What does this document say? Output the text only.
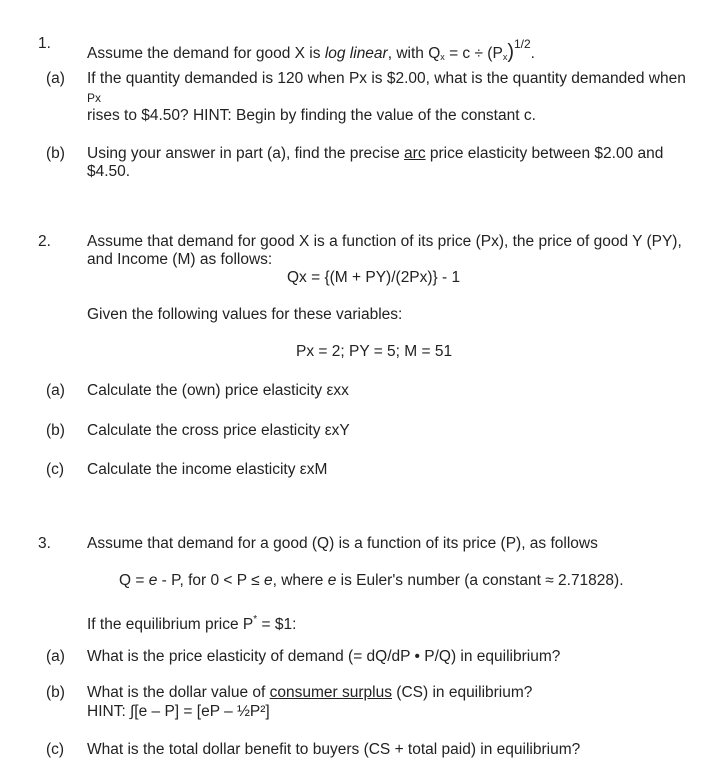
1.
Assume the demand for good X is log linear, with $Q_x = c \div (P_x)^{1/2}$.
(a) If the quantity demanded is 120 when Px is $2.00, what is the quantity demanded when
Px
rises to $4.50? HINT: Begin by finding the value of the constant c.
(b) Using your answer in part (a), find the precise arc price elasticity between $2.00 and
$4.50.
2. Assume that demand for good X is a function of its price (Px), the price of good Y (PY),
and Income (M) as follows:
Qx = {(M + PY)/(2Px)} - 1
Given the following values for these variables:
Px = 2; PY = 5; M = 51
(a) Calculate the (own) price elasticity εxx
(b) Calculate the cross price elasticity εxY
(c) Calculate the income elasticity εxM
3. Assume that demand for a good (Q) is a function of its price (P), as follows
Q = e - P, for 0 < P ≤ e, where e is Euler's number (a constant ≈ 2.71828).
If the equilibrium price P* = $1:
(a) What is the price elasticity of demand (= dQ/dP • P/Q) in equilibrium?
(b) What is the dollar value of consumer surplus (CS) in equilibrium?
HINT: ∫[e – P] = [eP – ½P²]
(c) What is the total dollar benefit to buyers (CS + total paid) in equilibrium?
